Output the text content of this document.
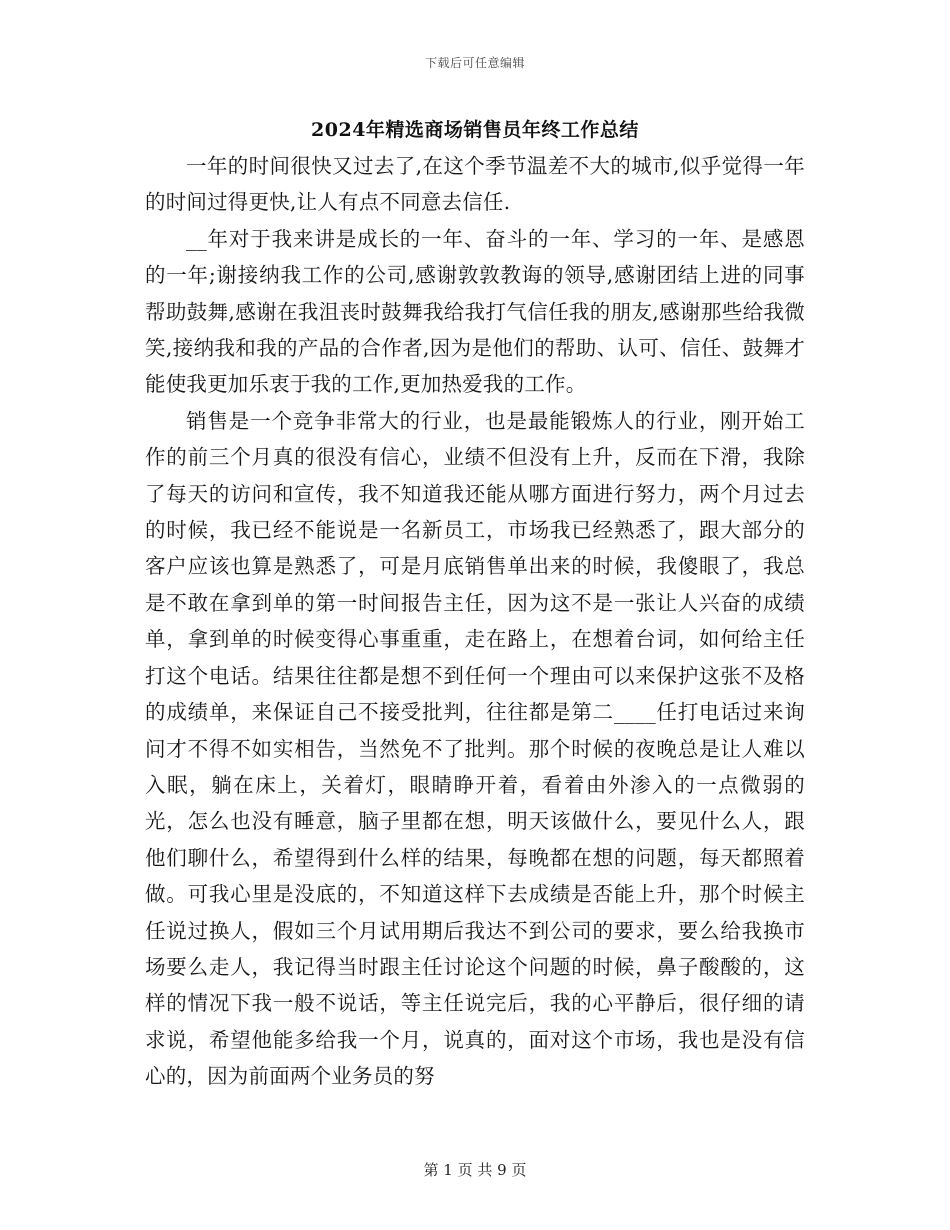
下载后可任意编辑
2024年精选商场销售员年终工作总结

一年的时间很快又过去了,在这个季节温差不大的城市,似乎觉得一年的时间过得更快,让人有点不同意去信任.

__年对于我来讲是成长的一年、奋斗的一年、学习的一年、是感恩的一年;谢接纳我工作的公司,感谢敦敦教诲的领导,感谢团结上进的同事帮助鼓舞,感谢在我沮丧时鼓舞我给我打气信任我的朋友,感谢那些给我微笑,接纳我和我的产品的合作者,因为是他们的帮助、认可、信任、鼓舞才能使我更加乐衷于我的工作,更加热爱我的工作。

销售是一个竞争非常大的行业，也是最能锻炼人的行业，刚开始工作的前三个月真的很没有信心，业绩不但没有上升，反而在下滑，我除了每天的访问和宣传，我不知道我还能从哪方面进行努力，两个月过去的时候，我已经不能说是一名新员工，市场我已经熟悉了，跟大部分的客户应该也算是熟悉了，可是月底销售单出来的时候，我傻眼了，我总是不敢在拿到单的第一时间报告主任，因为这不是一张让人兴奋的成绩单，拿到单的时候变得心事重重，走在路上，在想着台词，如何给主任打这个电话。结果往往都是想不到任何一个理由可以来保护这张不及格的成绩单，来保证自己不接受批判，往往都是第二____任打电话过来询问才不得不如实相告，当然免不了批判。那个时候的夜晚总是让人难以入眠，躺在床上，关着灯，眼睛睁开着，看着由外渗入的一点微弱的光，怎么也没有睡意，脑子里都在想，明天该做什么，要见什么人，跟他们聊什么，希望得到什么样的结果，每晚都在想的问题，每天都照着做。可我心里是没底的，不知道这样下去成绩是否能上升，那个时候主任说过换人，假如三个月试用期后我达不到公司的要求，要么给我换市场要么走人，我记得当时跟主任讨论这个问题的时候，鼻子酸酸的，这样的情况下我一般不说话，等主任说完后，我的心平静后，很仔细的请求说，希望他能多给我一个月，说真的，面对这个市场，我也是没有信心的，因为前面两个业务员的努

第 1 页 共 9 页
